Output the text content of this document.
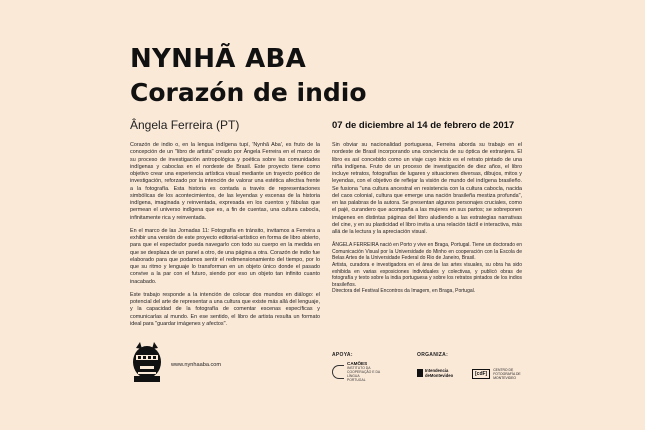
NYNHÃ ABA
Corazón de indio
Ângela Ferreira (PT)	07 de diciembre al 14 de febrero de 2017

Corazón de indio o, en la lengua indígena tupí, 'Nynhã Aba', es fruto de la concepción de un "libro de artista" creado por Ângela Ferreira en el marco de su proceso de investigación antropológica y poética sobre las comunidades indígenas y caboclas en el nordeste de Brasil. Este proyecto tiene como objetivo crear una experiencia artística visual mediante un trayecto poético de investigación, reforzado por la intención de valorar una estética afectiva frente a la fotografía. Esta historia es contada a través de representaciones simbólicas de los acontecimientos, de las leyendas y escenas de la historia indígena, imaginada y reinventada, expresada en los cuentos y fábulas que permean el universo indígena que es, a fin de cuentas, una cultura cabocla, infinitamente rica y reinventada.

En el marco de las Jornadas 11: Fotografía en tránsito, invitamos a Ferreira a exhibir una versión de este proyecto editorial-artístico en forma de libro abierto, para que el espectador pueda navegarlo con todo su cuerpo en la medida en que se desplaza de un panel a otro, de una página a otra. Corazón de indio fue elaborado para que podamos sentir el redimensionamiento del tiempo, por lo que su ritmo y lenguaje lo transforman en un objeto único donde el pasado convive a la par con el futuro, siendo por eso un objeto tan infinito cuanto inacabado.

Este trabajo responde a la intención de colocar dos mundos en diálogo: el potencial del arte de representar a una cultura que existe más allá del lenguaje, y la capacidad de la fotografía de comentar escenas específicas y comunicarlas al mundo. En ese sentido, el libro de artista resulta un formato ideal para "guardar imágenes y afectos".

Sin obviar su nacionalidad portuguesa, Ferreira aborda su trabajo en el nordeste de Brasil incorporando una conciencia de su óptica de extranjera. El libro es así concebido como un viaje cuyo inicio es el retrato pintado de una niña indígena. Fruto de un proceso de investigación de diez años, el libro incluye retratos, fotografías de lugares y situaciones diversas, dibujos, mitos y leyendas, con el objetivo de reflejar la visión de mundo del indígena brasileño. Se fusiona "una cultura ancestral en resistencia con la cultura cabocla, nacida del caos colonial, cultura que emerge una nación brasileña mestiza profunda", en las palabras de la autora. Se presentan algunos personajes cruciales, como el pajé, curandero que acompaña a las mujeres en sus partos; se sobreponen imágenes en distintas páginas del libro aludiendo a las estrategias narrativas del cine, y en su plasticidad el libro invita a una relación táctil e interactiva, más allá de la lectura y la apreciación visual.

ÂNGELA FERREIRA nació en Porto y vive en Braga, Portugal. Tiene un doctorado en Comunicación Visual por la Universidade do Minho en cooperación con la Escola de Belas Artes de la Universidade Federal do Rio de Janeiro, Brasil.

Artista, curadora e investigadora en el área de las artes visuales, su obra ha sido exhibida en varias exposiciones individuales y colectivas, y publicó obras de fotografía y texto sobre la india portuguesa y sobre los retratos pintados de los indios brasileños.

Directora del Festival Encontros da Imagem, en Braga, Portugal.

www.nynhaaba.com
APOYA:	ORGANIZA:
CAMÕES
INSTITUTO DA COOPERAÇÃO E DA LÍNGUA
PORTUGAL
Intendencia
deMontevideo	[cdF]
CENTRO DE FOTOGRAFÍA DE MONTEVIDEO
